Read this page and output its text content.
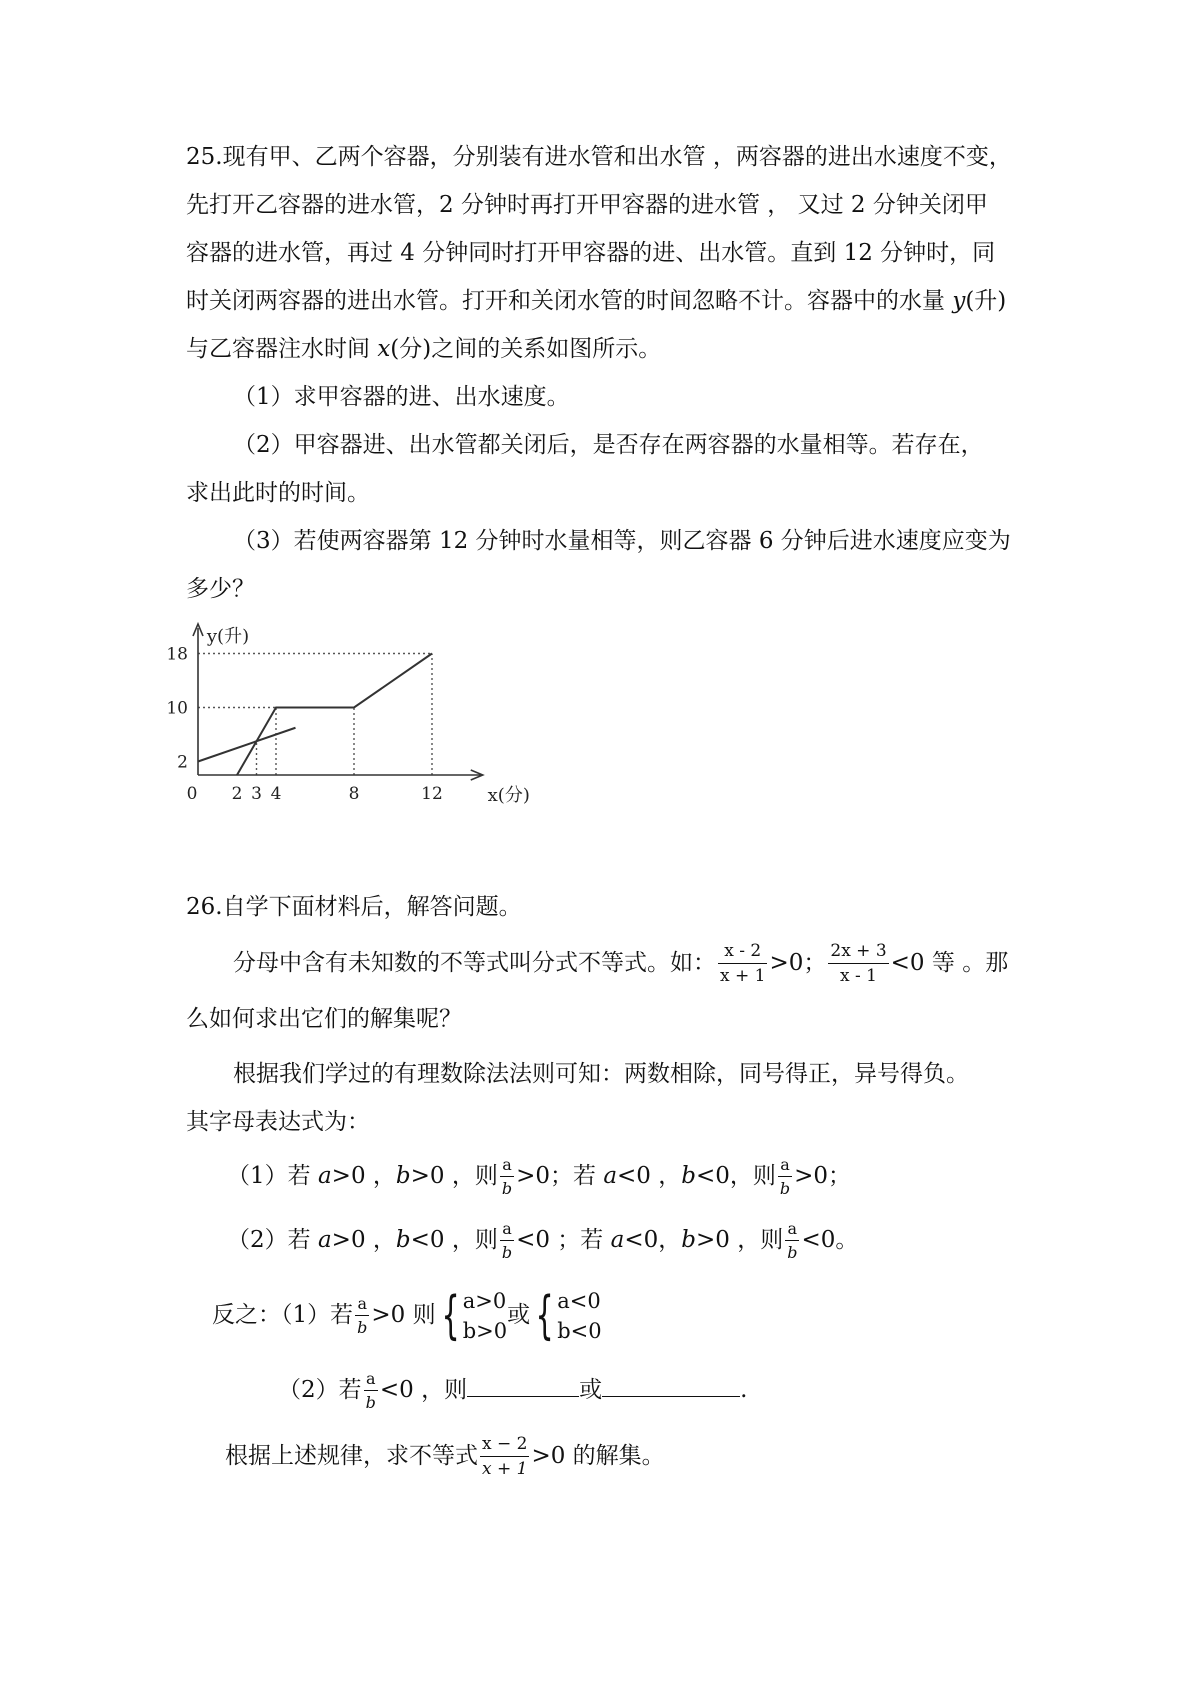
25.现有甲、乙两个容器，分别装有进水管和出水管 ，两容器的进出水速度不变，
先打开乙容器的进水管，2 分钟时再打开甲容器的进水管 ， 又过 2 分钟关闭甲
容器的进水管，再过 4 分钟同时打开甲容器的进、出水管。直到 12 分钟时，同
时关闭两容器的进出水管。打开和关闭水管的时间忽略不计。容器中的水量 y(升)
与乙容器注水时间 x(分)之间的关系如图所示。
（1）求甲容器的进、出水速度。
（2）甲容器进、出水管都关闭后，是否存在两容器的水量相等。若存在，
求出此时的时间。
（3）若使两容器第 12 分钟时水量相等，则乙容器 6 分钟后进水速度应变为
多少？
2 3 4	8	12
2
10
18
0	x(分)
y(升)
26.自学下面材料后，解答问题。
分母中含有未知数的不等式叫分式不等式。如： $\frac{x - 2}{x + 1} >0$； $\frac{2x + 3}{x - 1} <0$ 等 。那
么如何求出它们的解集呢？
根据我们学过的有理数除法法则可知：两数相除，同号得正，异号得负。
其字母表达式为：
（1）若 a>0 ，b>0 ，则 $\frac{a}{b} >0$；若 a<0 ，b<0，则 $\frac{a}{b} >0$；
（2）若 a>0 ，b<0 ，则 $\frac{a}{b} <0$ ；若 a<0，b>0 ，则 $\frac{a}{b} <0$。
反之：（1）若 $\frac{a}{b} >0$ 则 { a>0
b>0
或 { a<0
b<0
（2）若 $\frac{a}{b} <0$ ，则	或	.
根据上述规律，求不等式 $\frac{x - 2}{x + 1} >0$ 的解集。
